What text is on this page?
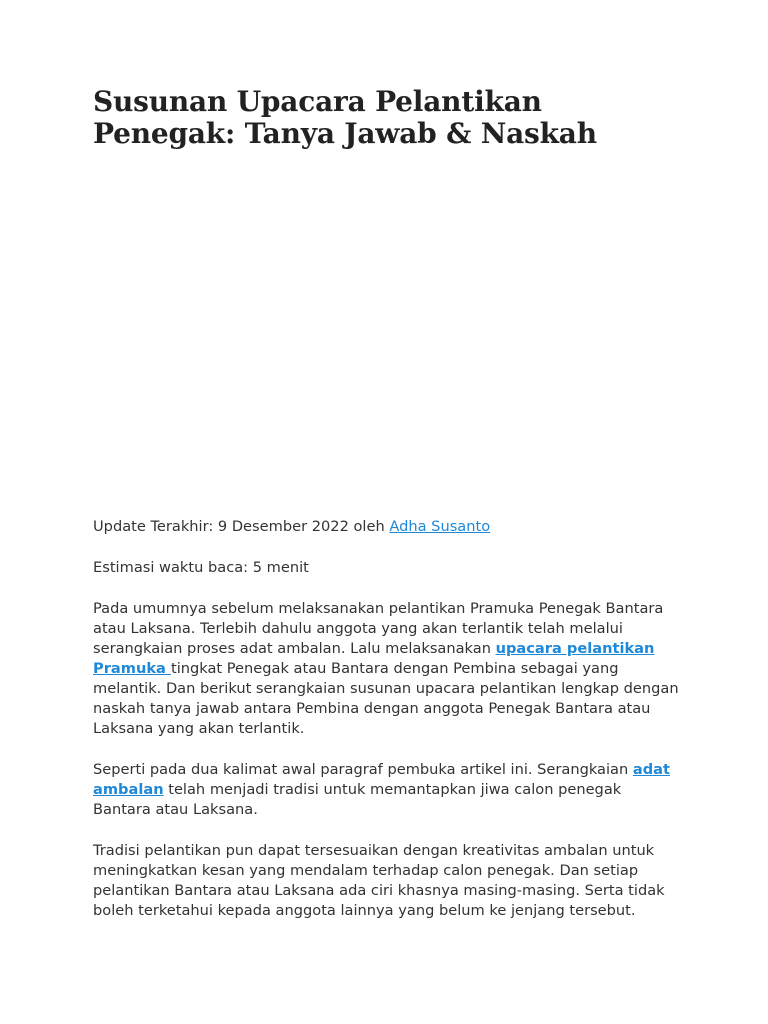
Susunan Upacara Pelantikan Penegak: Tanya Jawab & Naskah

Update Terakhir: 9 Desember 2022 oleh Adha Susanto

Estimasi waktu baca: 5 menit

Pada umumnya sebelum melaksanakan pelantikan Pramuka Penegak Bantara atau Laksana. Terlebih dahulu anggota yang akan terlantik telah melalui serangkaian proses adat ambalan. Lalu melaksanakan upacara pelantikan Pramuka tingkat Penegak atau Bantara dengan Pembina sebagai yang melantik. Dan berikut serangkaian susunan upacara pelantikan lengkap dengan naskah tanya jawab antara Pembina dengan anggota Penegak Bantara atau Laksana yang akan terlantik.

Seperti pada dua kalimat awal paragraf pembuka artikel ini. Serangkaian adat ambalan telah menjadi tradisi untuk memantapkan jiwa calon penegak Bantara atau Laksana.

Tradisi pelantikan pun dapat tersesuaikan dengan kreativitas ambalan untuk meningkatkan kesan yang mendalam terhadap calon penegak. Dan setiap pelantikan Bantara atau Laksana ada ciri khasnya masing-masing. Serta tidak boleh terketahui kepada anggota lainnya yang belum ke jenjang tersebut.
